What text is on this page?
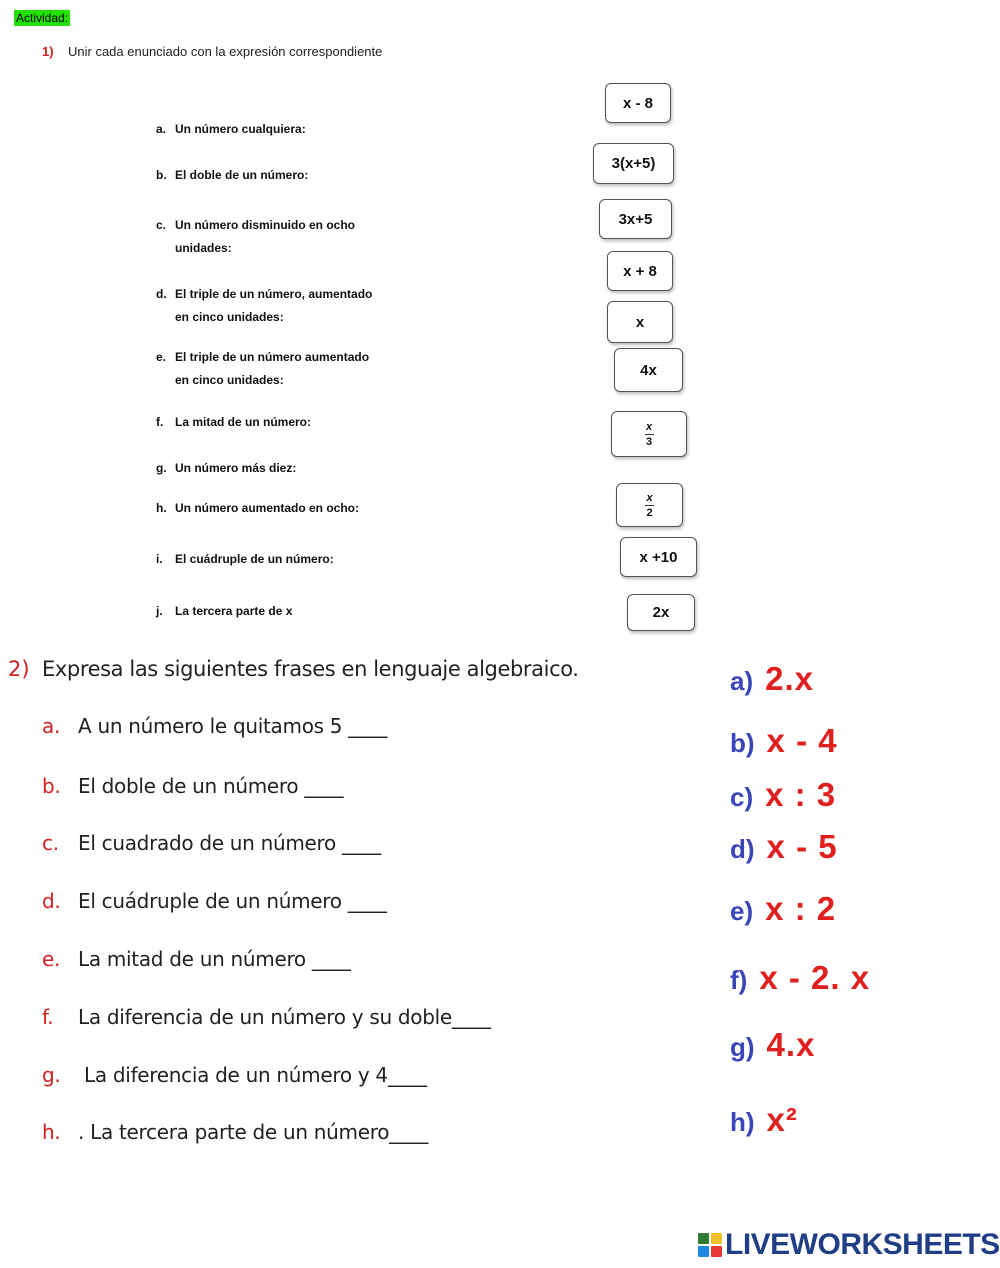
Actividad:
1) Unir cada enunciado con la expresión correspondiente
a. Un número cualquiera:
b. El doble de un número:
c. Un número disminuido en ocho
unidades:
d. El triple de un número, aumentado
en cinco unidades:
e. El triple de un número aumentado
en cinco unidades:
f. La mitad de un número:
g. Un número más diez:
h. Un número aumentado en ocho:
i. El cuádruple de un número:
j. La tercera parte de x
x - 8
3(x+5)
3x+5
x + 8
x
4x
$\frac{x}{3}$
$\frac{x}{2}$
x +10
2x
2) Expresa las siguientes frases en lenguaje algebraico.
a. A un número le quitamos 5 ____
b. El doble de un número ____
c. El cuadrado de un número ____
d. El cuádruple de un número ____
e. La mitad de un número ____
f. La diferencia de un número y su doble____
g. La diferencia de un número y 4____
h. . La tercera parte de un número____
a) 2.x
b) x - 4
c) x : 3
d) x - 5
e) x : 2
f) x - 2. x
g) 4.x
h) x²
LIVEWORKSHEETS
